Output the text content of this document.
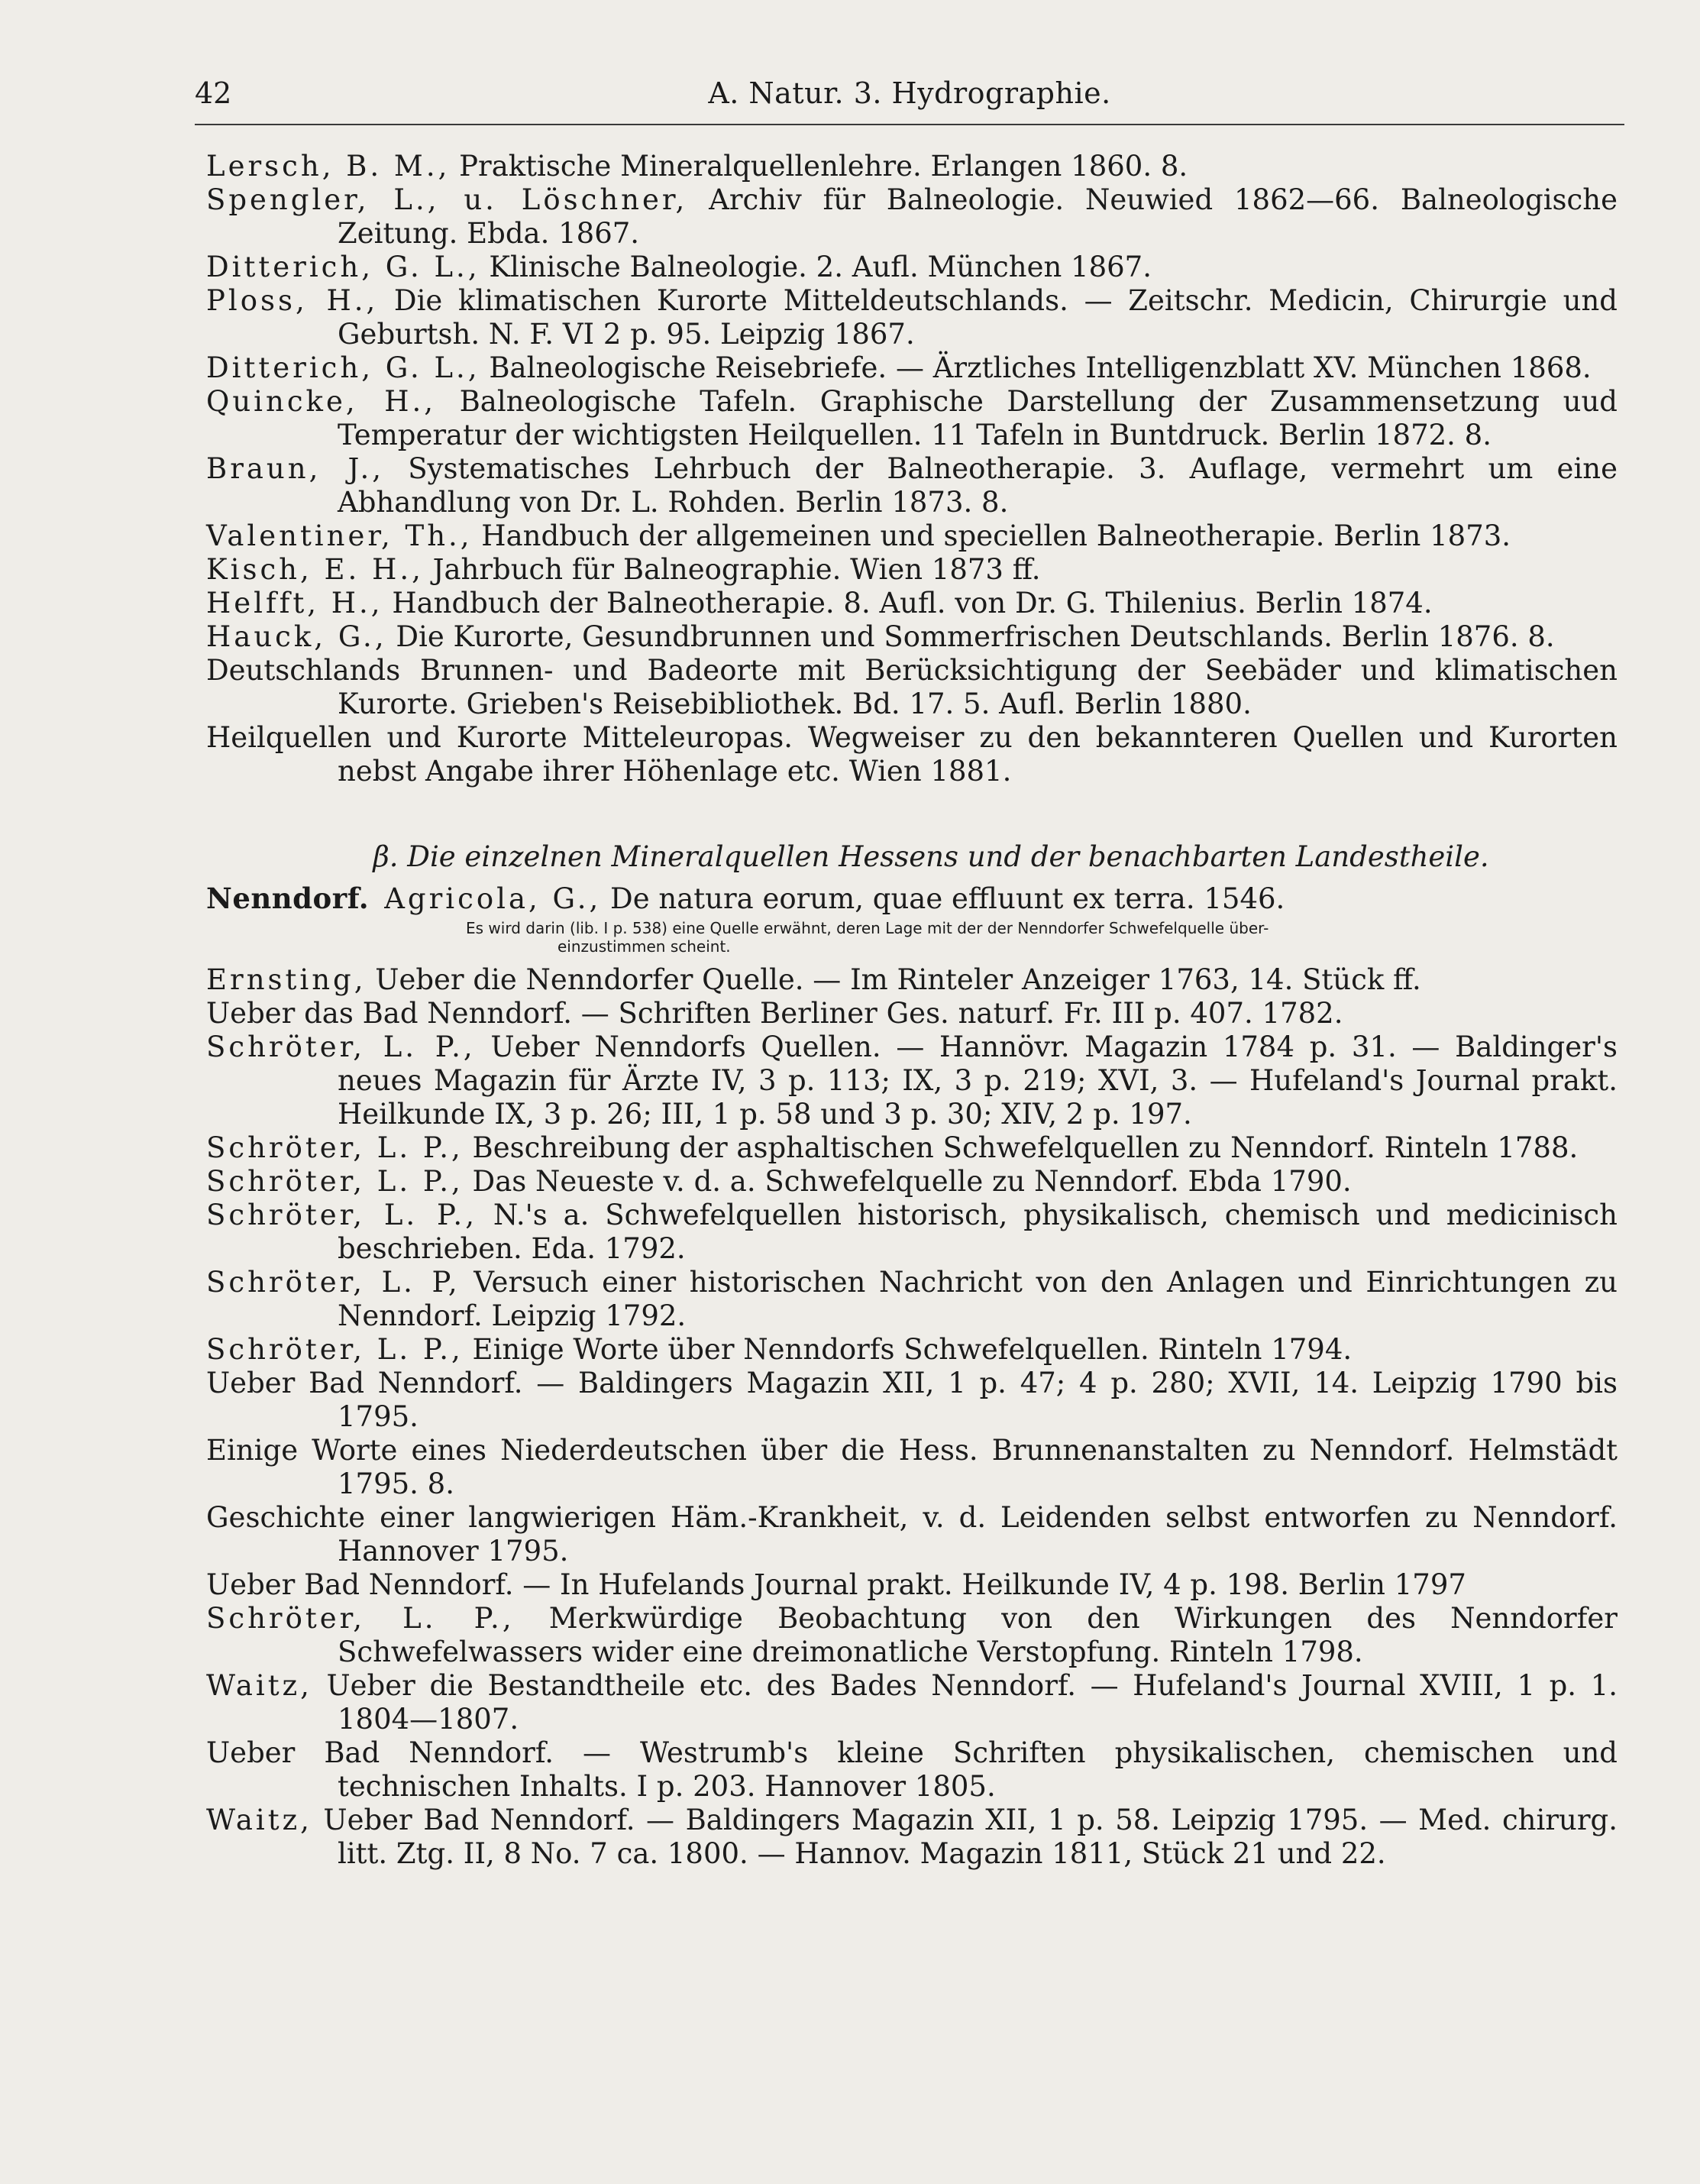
42	A. Natur. 3. Hydrographie.
Lersch, B. M., Praktische Mineralquellenlehre. Erlangen 1860. 8.
Spengler, L., u. Löschner, Archiv für Balneologie. Neuwied 1862—66. Balneologische Zeitung. Ebda. 1867.
Ditterich, G. L., Klinische Balneologie. 2. Aufl. München 1867.
Ploss, H., Die klimatischen Kurorte Mitteldeutschlands. — Zeitschr. Medicin, Chirurgie und Geburtsh. N. F. VI 2 p. 95. Leipzig 1867.
Ditterich, G. L., Balneologische Reisebriefe. — Ärztliches Intelligenzblatt XV. München 1868.
Quincke, H., Balneologische Tafeln. Graphische Darstellung der Zusammensetzung uud Temperatur der wichtigsten Heilquellen. 11 Tafeln in Buntdruck. Berlin 1872. 8.
Braun, J., Systematisches Lehrbuch der Balneotherapie. 3. Auflage, vermehrt um eine Abhandlung von Dr. L. Rohden. Berlin 1873. 8.
Valentiner, Th., Handbuch der allgemeinen und speciellen Balneotherapie. Berlin 1873.
Kisch, E. H., Jahrbuch für Balneographie. Wien 1873 ff.
Helfft, H., Handbuch der Balneotherapie. 8. Aufl. von Dr. G. Thilenius. Berlin 1874.
Hauck, G., Die Kurorte, Gesundbrunnen und Sommerfrischen Deutschlands. Berlin 1876. 8.
Deutschlands Brunnen- und Badeorte mit Berücksichtigung der Seebäder und klimatischen Kurorte. Grieben's Reisebibliothek. Bd. 17. 5. Aufl. Berlin 1880.
Heilquellen und Kurorte Mitteleuropas. Wegweiser zu den bekannteren Quellen und Kurorten nebst Angabe ihrer Höhenlage etc. Wien 1881.
β. Die einzelnen Mineralquellen Hessens und der benachbarten Landestheile.
Nenndorf. Agricola, G., De natura eorum, quae effluunt ex terra. 1546.
Es wird darin (lib. I p. 538) eine Quelle erwähnt, deren Lage mit der der Nenndorfer Schwefelquelle über-
einzustimmen scheint.
Ernsting, Ueber die Nenndorfer Quelle. — Im Rinteler Anzeiger 1763, 14. Stück ff.
Ueber das Bad Nenndorf. — Schriften Berliner Ges. naturf. Fr. III p. 407. 1782.
Schröter, L. P., Ueber Nenndorfs Quellen. — Hannövr. Magazin 1784 p. 31. — Baldinger's neues Magazin für Ärzte IV, 3 p. 113; IX, 3 p. 219; XVI, 3. — Hufeland's Journal prakt. Heilkunde IX, 3 p. 26; III, 1 p. 58 und 3 p. 30; XIV, 2 p. 197.
Schröter, L. P., Beschreibung der asphaltischen Schwefelquellen zu Nenndorf. Rinteln 1788.
Schröter, L. P., Das Neueste v. d. a. Schwefelquelle zu Nenndorf. Ebda 1790.
Schröter, L. P., N.'s a. Schwefelquellen historisch, physikalisch, chemisch und medicinisch beschrieben. Eda. 1792.
Schröter, L. P, Versuch einer historischen Nachricht von den Anlagen und Einrichtungen zu Nenndorf. Leipzig 1792.
Schröter, L. P., Einige Worte über Nenndorfs Schwefelquellen. Rinteln 1794.
Ueber Bad Nenndorf. — Baldingers Magazin XII, 1 p. 47; 4 p. 280; XVII, 14. Leipzig 1790 bis 1795.
Einige Worte eines Niederdeutschen über die Hess. Brunnenanstalten zu Nenndorf. Helmstädt 1795. 8.
Geschichte einer langwierigen Häm.-Krankheit, v. d. Leidenden selbst entworfen zu Nenndorf. Hannover 1795.
Ueber Bad Nenndorf. — In Hufelands Journal prakt. Heilkunde IV, 4 p. 198. Berlin 1797
Schröter, L. P., Merkwürdige Beobachtung von den Wirkungen des Nenndorfer Schwefelwassers wider eine dreimonatliche Verstopfung. Rinteln 1798.
Waitz, Ueber die Bestandtheile etc. des Bades Nenndorf. — Hufeland's Journal XVIII, 1 p. 1. 1804—1807.
Ueber Bad Nenndorf. — Westrumb's kleine Schriften physikalischen, chemischen und technischen Inhalts. I p. 203. Hannover 1805.
Waitz, Ueber Bad Nenndorf. — Baldingers Magazin XII, 1 p. 58. Leipzig 1795. — Med. chirurg. litt. Ztg. II, 8 No. 7 ca. 1800. — Hannov. Magazin 1811, Stück 21 und 22.
